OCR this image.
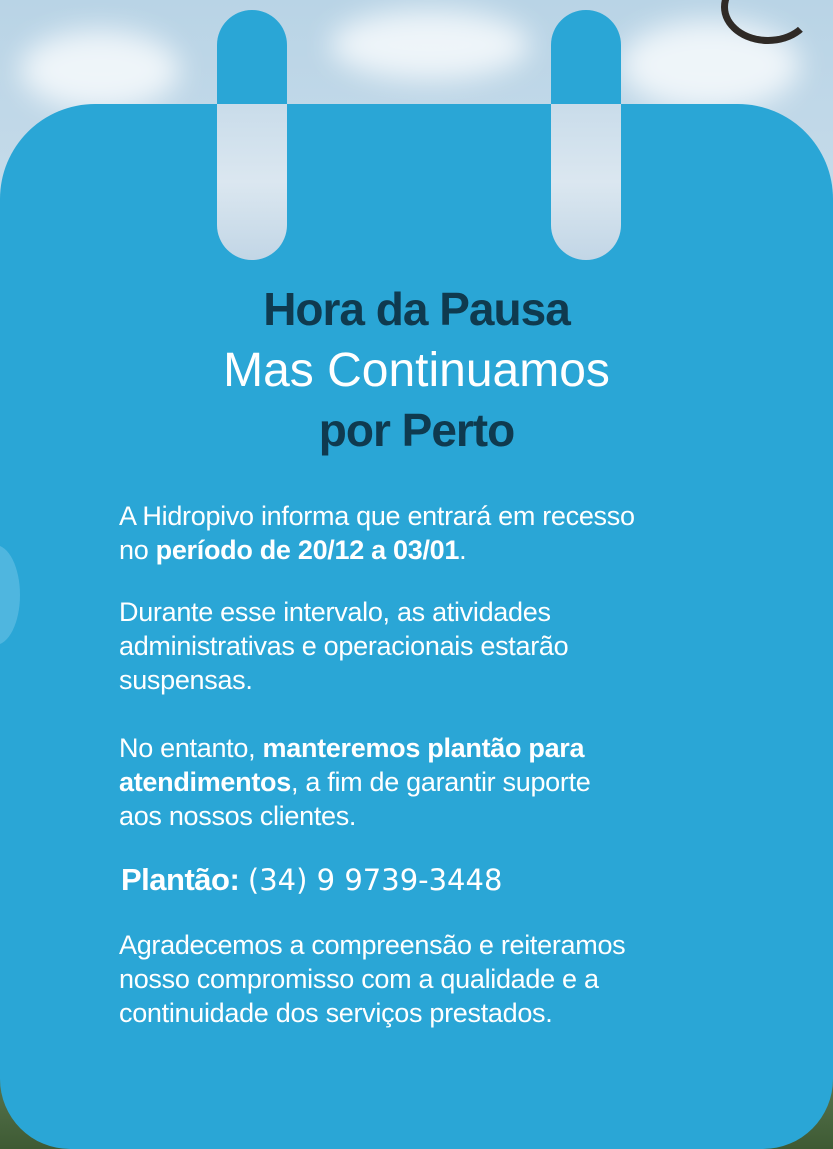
Hora da Pausa
Mas Continuamos
por Perto
A Hidropivo informa que entrará em recesso
no período de 20/12 a 03/01.
Durante esse intervalo, as atividades
administrativas e operacionais estarão
suspensas.
No entanto, manteremos plantão para
atendimentos, a fim de garantir suporte
aos nossos clientes.
Plantão: (34) 9 9739-3448
Agradecemos a compreensão e reiteramos
nosso compromisso com a qualidade e a
continuidade dos serviços prestados.
